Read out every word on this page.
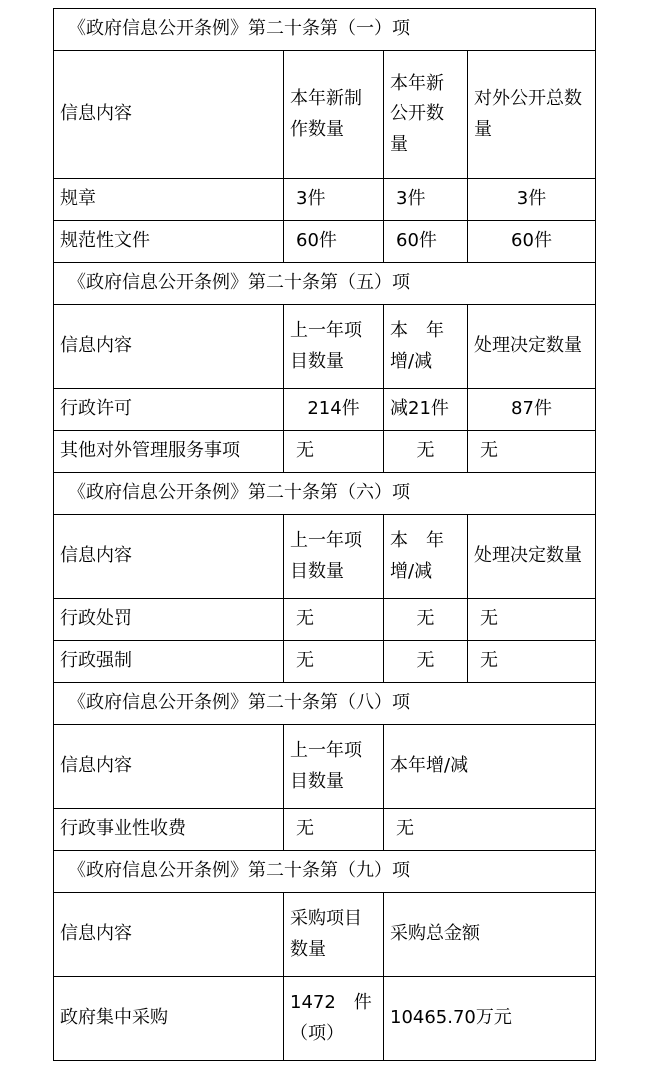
《政府信息公开条例》第二十条第（一）项			
信息内容	本年新制作数量	本年新公开数量	对外公开总数量
规章	3件	3件	3件
规范性文件	60件	60件	60件
《政府信息公开条例》第二十条第（五）项			
信息内容	上一年项目数量	本　年增/减	处理决定数量
行政许可	214件	减21件	87件
其他对外管理服务事项	无	无	无
《政府信息公开条例》第二十条第（六）项			
信息内容	上一年项目数量	本　年增/减	处理决定数量
行政处罚	无	无	无
行政强制	无	无	无
《政府信息公开条例》第二十条第（八）项			
信息内容	上一年项目数量	本年增/减	
行政事业性收费	无	无	
《政府信息公开条例》第二十条第（九）项			
信息内容	采购项目数量	采购总金额	
政府集中采购	1472　件（项）	10465.70万元	
